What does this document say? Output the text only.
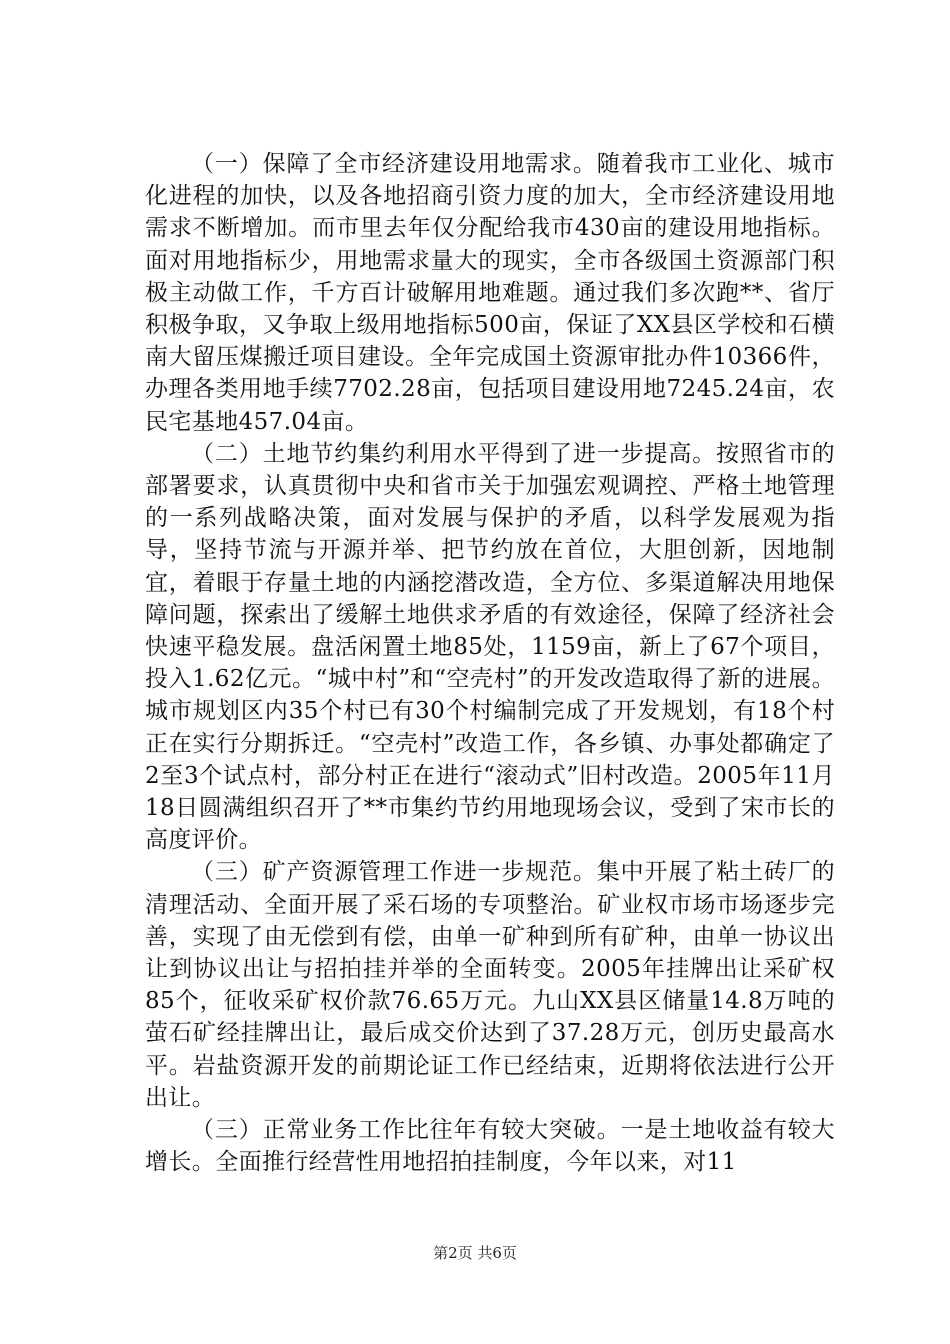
（一）保障了全市经济建设用地需求。随着我市工业化、城市化进程的加快，以及各地招商引资力度的加大，全市经济建设用地需求不断增加。而市里去年仅分配给我市430亩的建设用地指标。面对用地指标少，用地需求量大的现实，全市各级国土资源部门积极主动做工作，千方百计破解用地难题。通过我们多次跑**、省厅积极争取，又争取上级用地指标500亩，保证了XX县区学校和石横南大留压煤搬迁项目建设。全年完成国土资源审批办件10366件，办理各类用地手续7702.28亩，包括项目建设用地7245.24亩，农民宅基地457.04亩。

（二）土地节约集约利用水平得到了进一步提高。按照省市的部署要求，认真贯彻中央和省市关于加强宏观调控、严格土地管理的一系列战略决策，面对发展与保护的矛盾，以科学发展观为指导，坚持节流与开源并举、把节约放在首位，大胆创新，因地制宜，着眼于存量土地的内涵挖潜改造，全方位、多渠道解决用地保障问题，探索出了缓解土地供求矛盾的有效途径，保障了经济社会快速平稳发展。盘活闲置土地85处，1159亩，新上了67个项目，投入1.62亿元。“城中村”和“空壳村”的开发改造取得了新的进展。城市规划区内35个村已有30个村编制完成了开发规划，有18个村正在实行分期拆迁。“空壳村”改造工作，各乡镇、办事处都确定了2至3个试点村，部分村正在进行“滚动式”旧村改造。2005年11月18日圆满组织召开了**市集约节约用地现场会议，受到了宋市长的高度评价。

（三）矿产资源管理工作进一步规范。集中开展了粘土砖厂的清理活动、全面开展了采石场的专项整治。矿业权市场市场逐步完善，实现了由无偿到有偿，由单一矿种到所有矿种，由单一协议出让到协议出让与招拍挂并举的全面转变。2005年挂牌出让采矿权85个，征收采矿权价款76.65万元。九山XX县区储量14.8万吨的萤石矿经挂牌出让，最后成交价达到了37.28万元，创历史最高水平。岩盐资源开发的前期论证工作已经结束，近期将依法进行公开出让。

（三）正常业务工作比往年有较大突破。一是土地收益有较大增长。全面推行经营性用地招拍挂制度，今年以来，对11

第2页 共6页
